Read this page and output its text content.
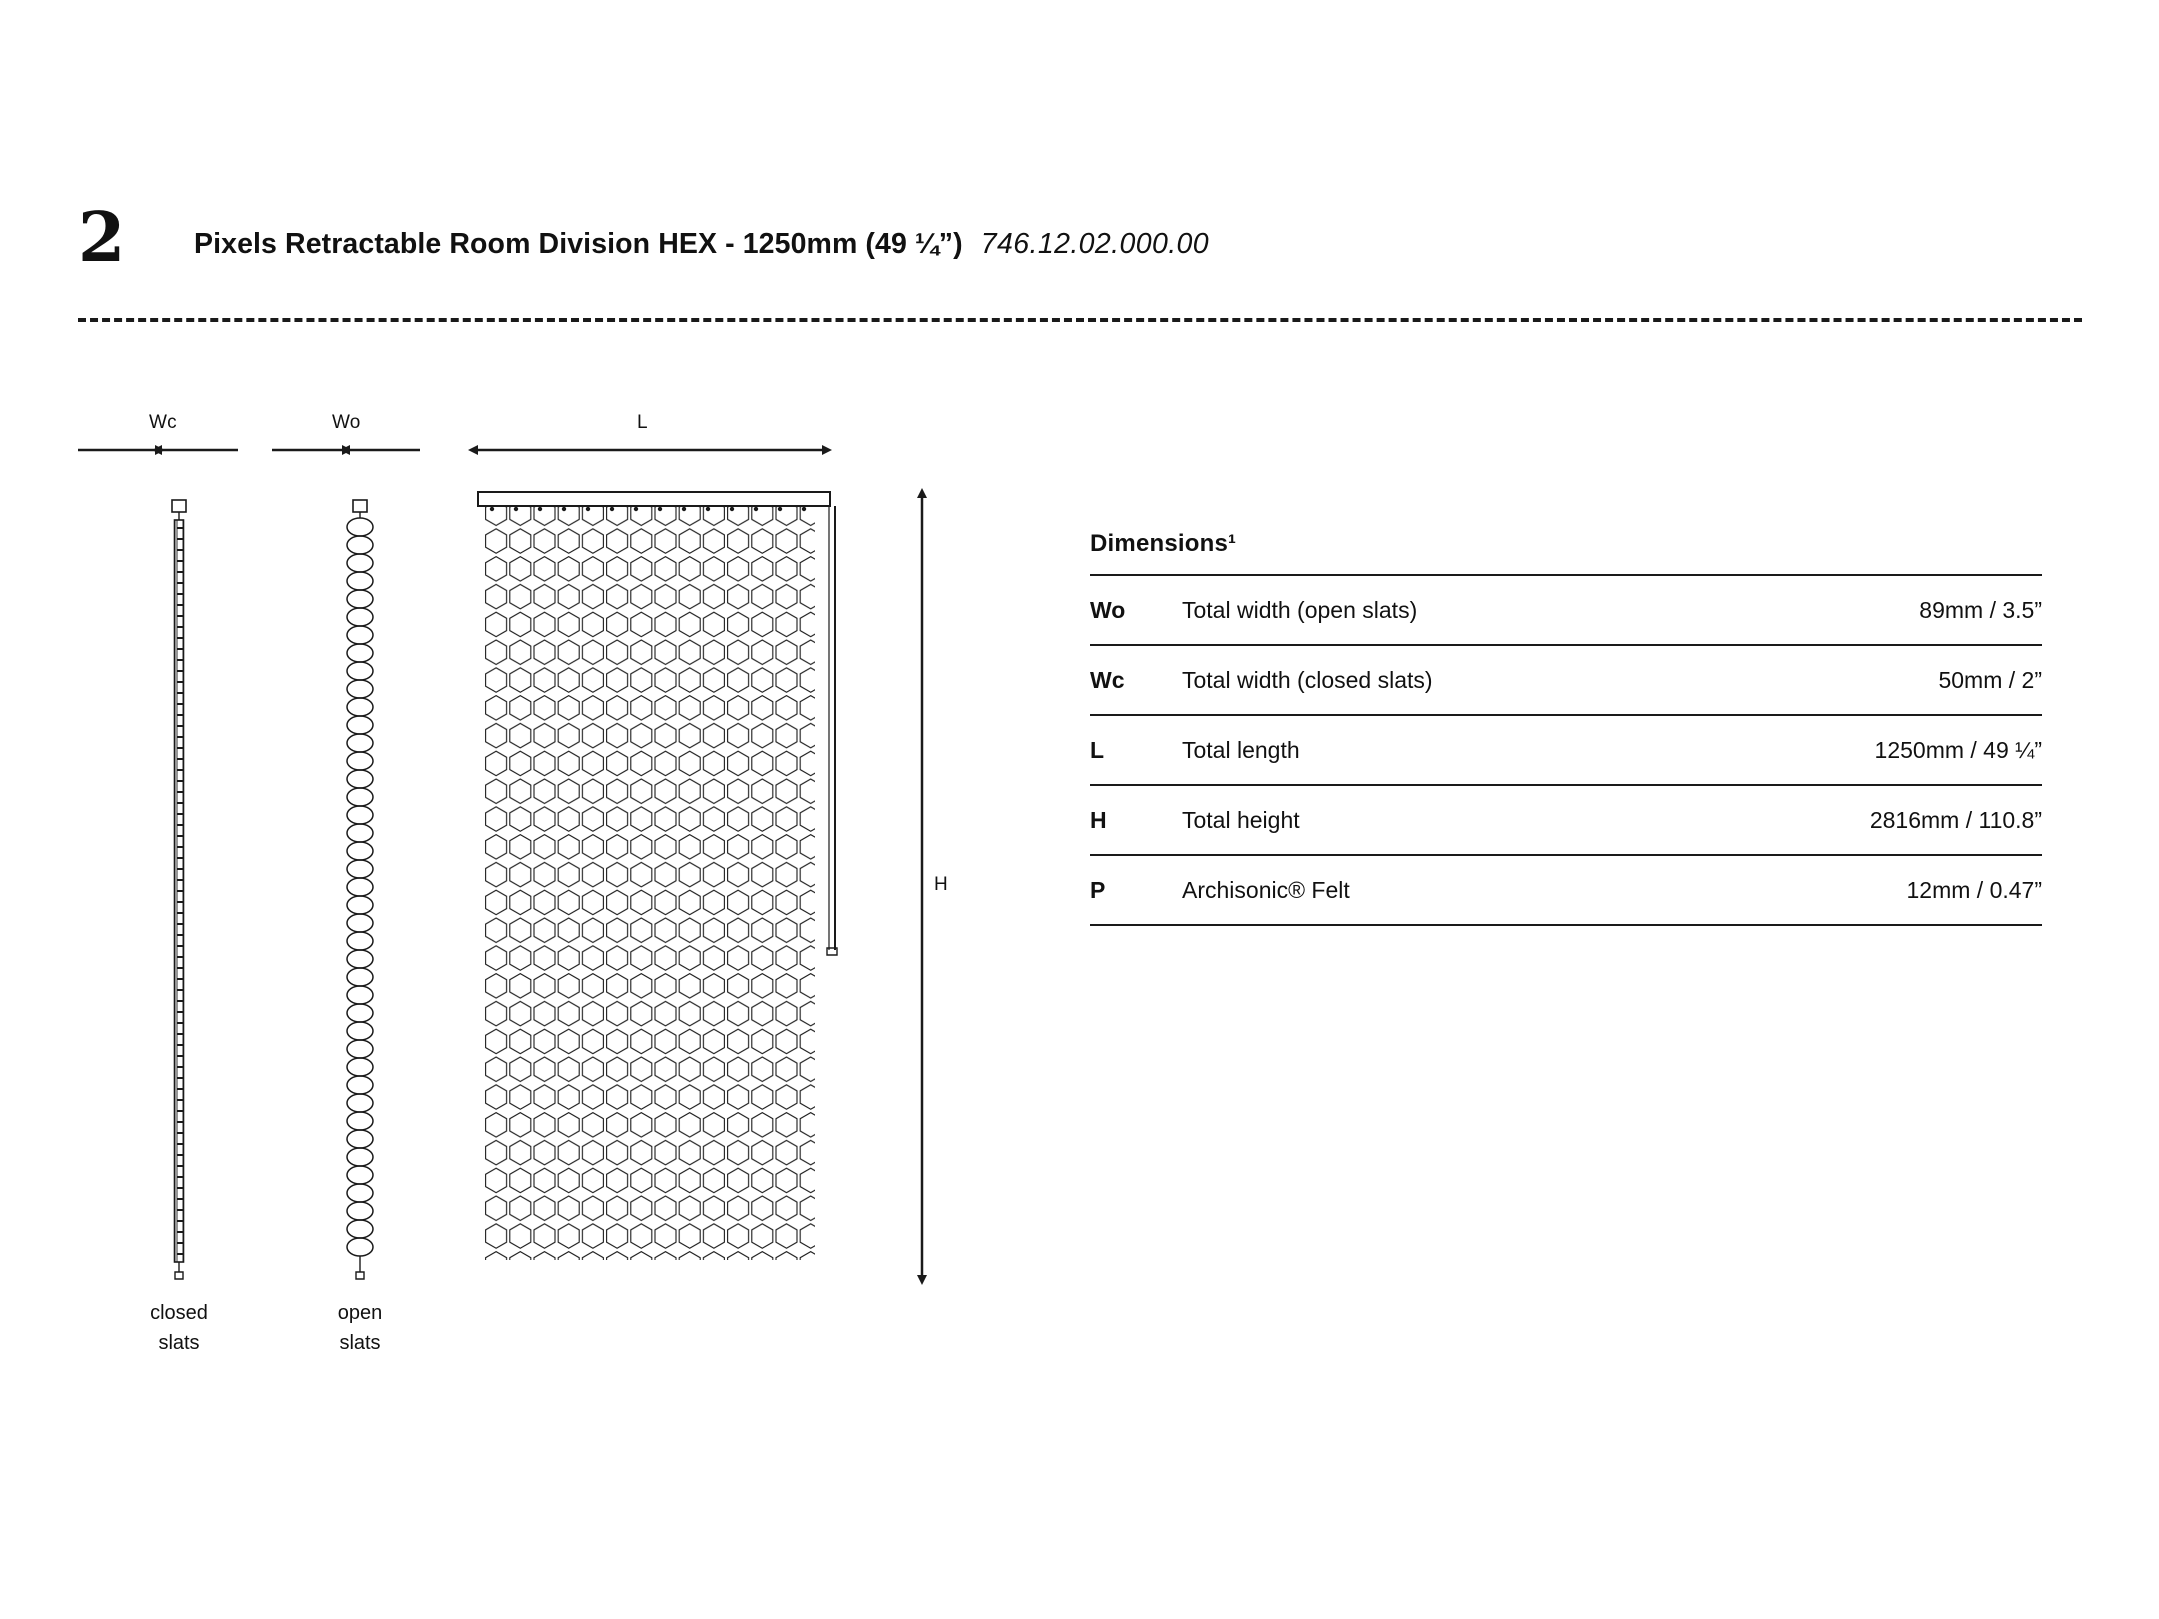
2 Pixels Retractable Room Division HEX - 1250mm (49 ¼”) 746.12.02.000.00
Wc	Wo	L
H
closed
slats
open
slats
Dimensions¹
Wo	Total width (open slats)	89mm / 3.5”
Wc	Total width (closed slats)	50mm / 2”
L	Total length	1250mm / 49 ¼”
H	Total height	2816mm / 110.8”
P	Archisonic® Felt	12mm / 0.47”
